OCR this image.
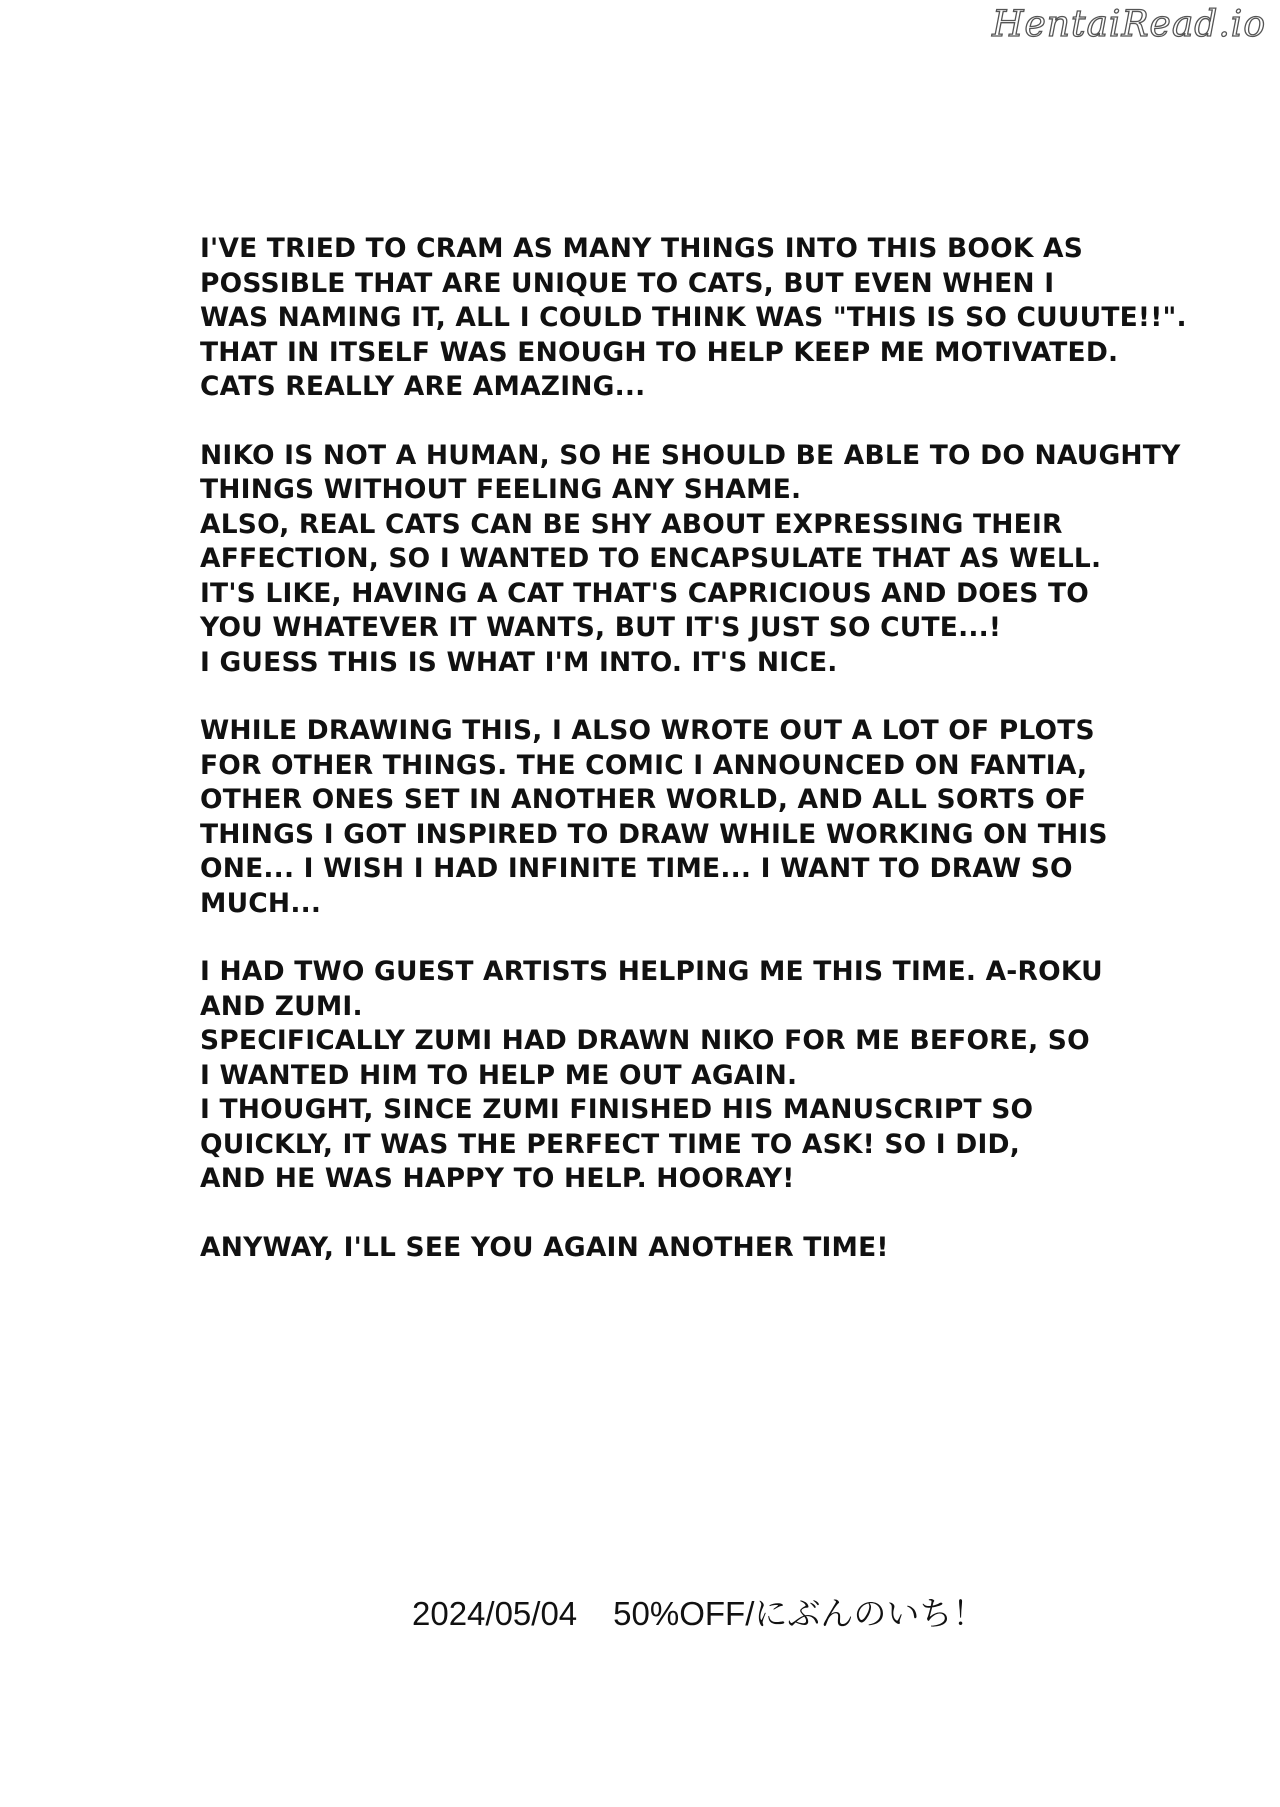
HentaiRead.io
I'VE TRIED TO CRAM AS MANY THINGS INTO THIS BOOK AS
POSSIBLE THAT ARE UNIQUE TO CATS, BUT EVEN WHEN I
WAS NAMING IT, ALL I COULD THINK WAS "THIS IS SO CUUUTE!!".
THAT IN ITSELF WAS ENOUGH TO HELP KEEP ME MOTIVATED.
CATS REALLY ARE AMAZING...
NIKO IS NOT A HUMAN, SO HE SHOULD BE ABLE TO DO NAUGHTY
THINGS WITHOUT FEELING ANY SHAME.
ALSO, REAL CATS CAN BE SHY ABOUT EXPRESSING THEIR
AFFECTION, SO I WANTED TO ENCAPSULATE THAT AS WELL.
IT'S LIKE, HAVING A CAT THAT'S CAPRICIOUS AND DOES TO
YOU WHATEVER IT WANTS, BUT IT'S JUST SO CUTE...!
I GUESS THIS IS WHAT I'M INTO. IT'S NICE.
WHILE DRAWING THIS, I ALSO WROTE OUT A LOT OF PLOTS
FOR OTHER THINGS. THE COMIC I ANNOUNCED ON FANTIA,
OTHER ONES SET IN ANOTHER WORLD, AND ALL SORTS OF
THINGS I GOT INSPIRED TO DRAW WHILE WORKING ON THIS
ONE... I WISH I HAD INFINITE TIME... I WANT TO DRAW SO
MUCH...
I HAD TWO GUEST ARTISTS HELPING ME THIS TIME. A-ROKU
AND ZUMI.
SPECIFICALLY ZUMI HAD DRAWN NIKO FOR ME BEFORE, SO
I WANTED HIM TO HELP ME OUT AGAIN.
I THOUGHT, SINCE ZUMI FINISHED HIS MANUSCRIPT SO
QUICKLY, IT WAS THE PERFECT TIME TO ASK! SO I DID,
AND HE WAS HAPPY TO HELP. HOORAY!
ANYWAY, I'LL SEE YOU AGAIN ANOTHER TIME!
2024/05/04 50%OFF/にぶんのいち！
